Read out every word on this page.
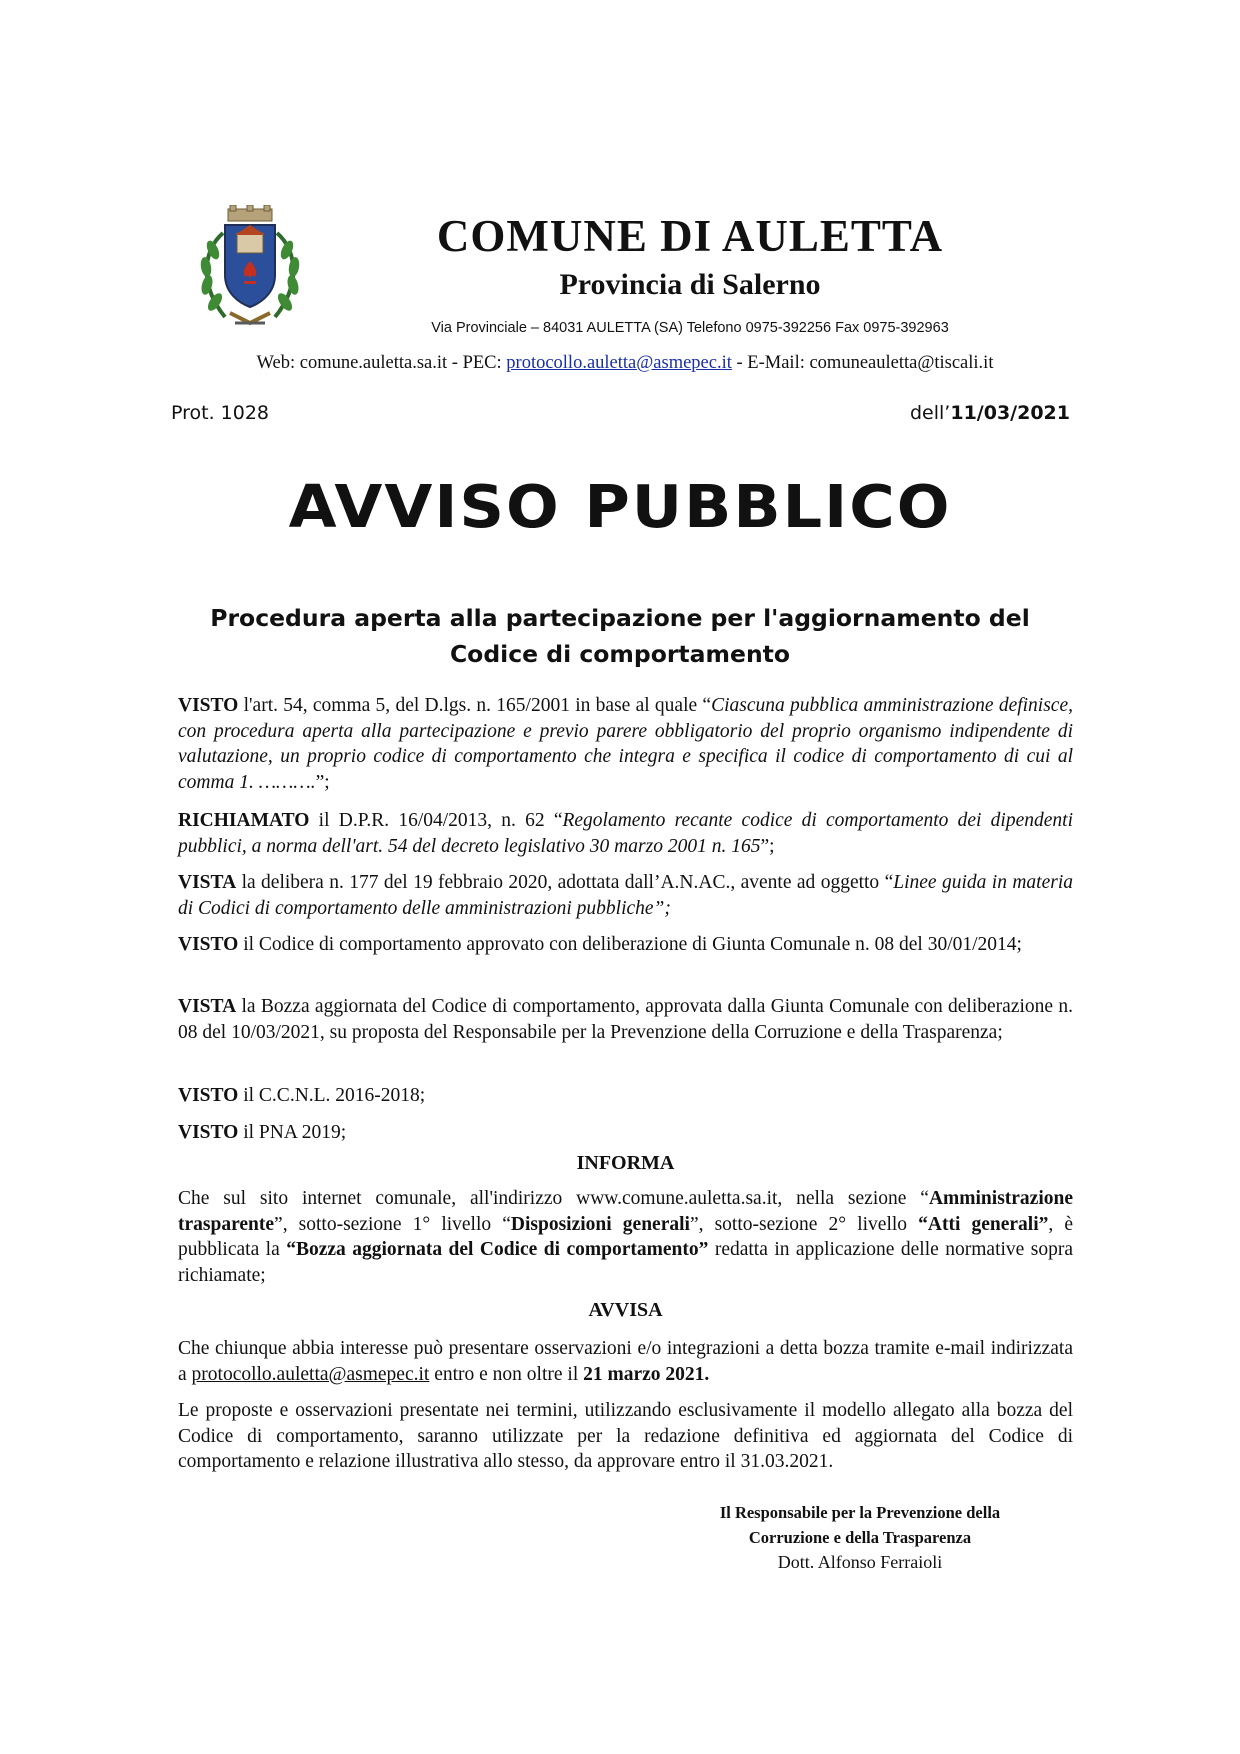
COMUNE DI AULETTA
Provincia di Salerno
Via Provinciale – 84031 AULETTA (SA) Telefono 0975-392256 Fax 0975-392963
Web: comune.auletta.sa.it - PEC: protocollo.auletta@asmepec.it - E-Mail: comuneauletta@tiscali.it
Prot. 1028	dell’11/03/2021
AVVISO PUBBLICO
Procedura aperta alla partecipazione per l'aggiornamento del
Codice di comportamento
VISTO l'art. 54, comma 5, del D.lgs. n. 165/2001 in base al quale “Ciascuna pubblica amministrazione definisce, con procedura aperta alla partecipazione e previo parere obbligatorio del proprio organismo indipendente di valutazione, un proprio codice di comportamento che integra e specifica il codice di comportamento di cui al comma 1. ……….”;
RICHIAMATO il D.P.R. 16/04/2013, n. 62 “Regolamento recante codice di comportamento dei dipendenti pubblici, a norma dell'art. 54 del decreto legislativo 30 marzo 2001 n. 165”;
VISTA la delibera n. 177 del 19 febbraio 2020, adottata dall’A.N.AC., avente ad oggetto “Linee guida in materia di Codici di comportamento delle amministrazioni pubbliche”;
VISTO il Codice di comportamento approvato con deliberazione di Giunta Comunale n. 08 del 30/01/2014;
VISTA la Bozza aggiornata del Codice di comportamento, approvata dalla Giunta Comunale con deliberazione n. 08 del 10/03/2021, su proposta del Responsabile per la Prevenzione della Corruzione e della Trasparenza;
VISTO il C.C.N.L. 2016-2018;
VISTO il PNA 2019;
INFORMA
Che sul sito internet comunale, all'indirizzo www.comune.auletta.sa.it, nella sezione “Amministrazione trasparente”, sotto-sezione 1° livello “Disposizioni generali”, sotto-sezione 2° livello “Atti generali”, è pubblicata la “Bozza aggiornata del Codice di comportamento” redatta in applicazione delle normative sopra richiamate;
AVVISA
Che chiunque abbia interesse può presentare osservazioni e/o integrazioni a detta bozza tramite e-mail indirizzata a protocollo.auletta@asmepec.it entro e non oltre il 21 marzo 2021.
Le proposte e osservazioni presentate nei termini, utilizzando esclusivamente il modello allegato alla bozza del Codice di comportamento, saranno utilizzate per la redazione definitiva ed aggiornata del Codice di comportamento e relazione illustrativa allo stesso, da approvare entro il 31.03.2021.
Il Responsabile per la Prevenzione della
Corruzione e della Trasparenza
Dott. Alfonso Ferraioli
